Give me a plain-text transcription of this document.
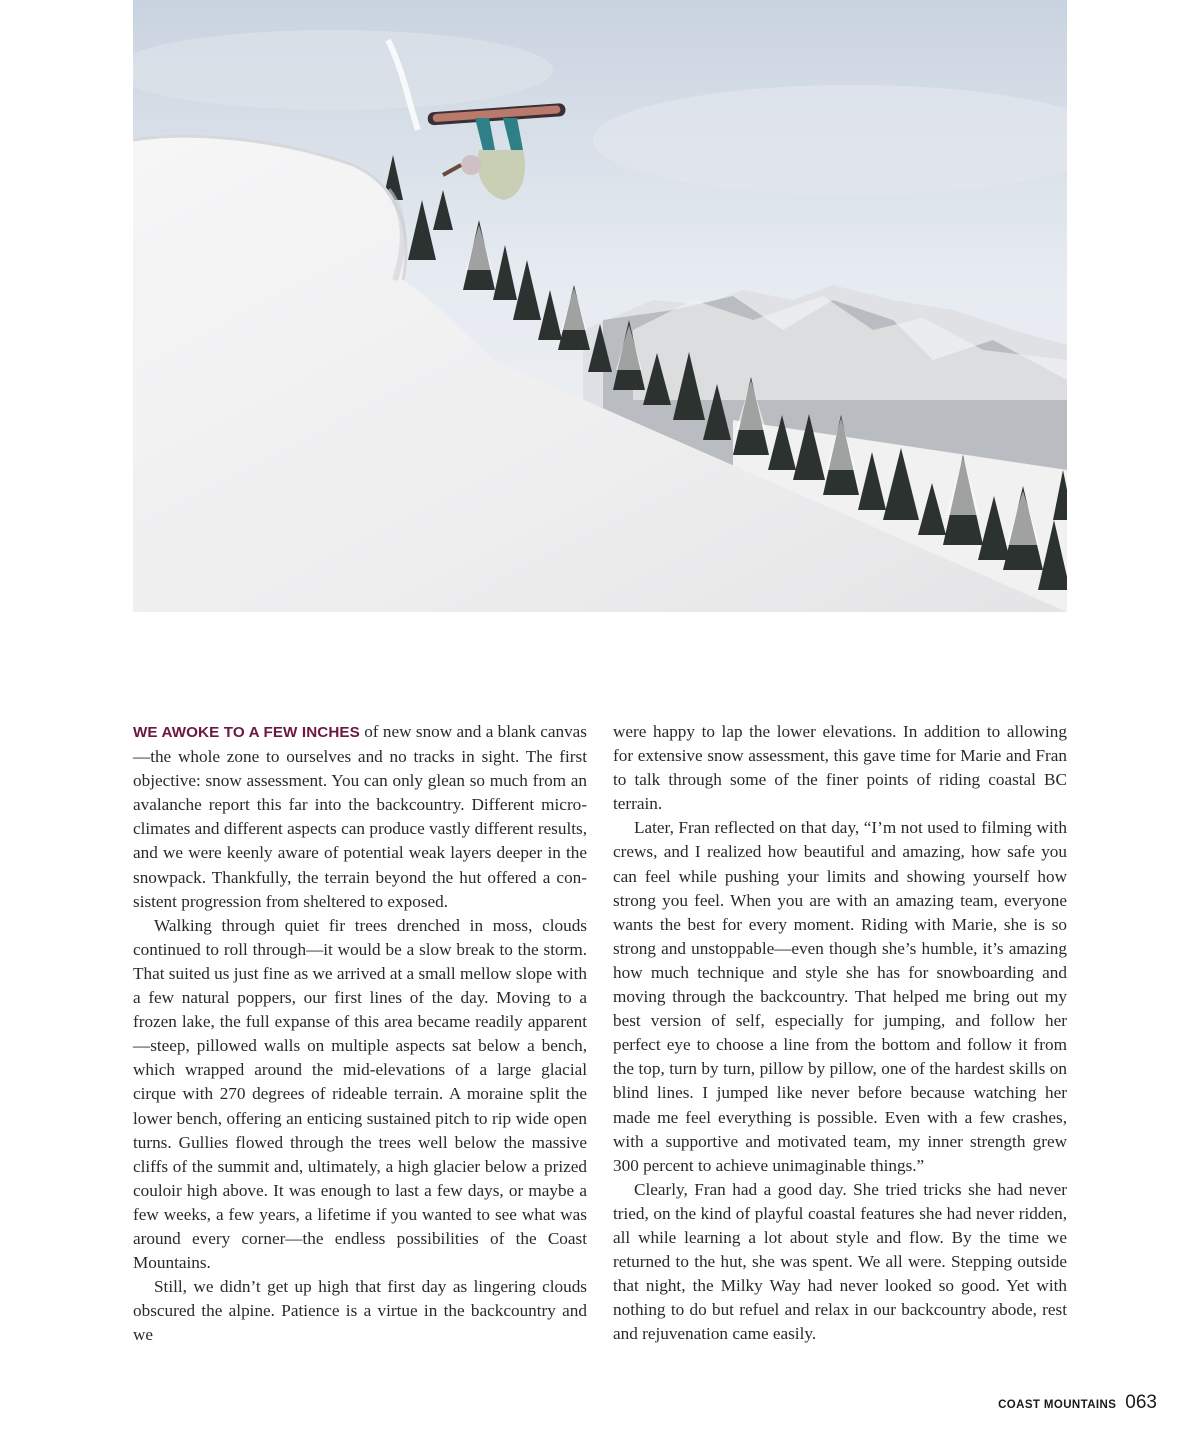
WE AWOKE TO A FEW INCHES of new snow and a blank canvas—the whole zone to ourselves and no tracks in sight. The first objective: snow assessment. You can only glean so much from an avalanche report this far into the backcountry. Different microclimates and different aspects can produce vastly different results, and we were keenly aware of potential weak layers deeper in the snowpack. Thankfully, the terrain beyond the hut offered a consistent progression from sheltered to exposed.

Walking through quiet fir trees drenched in moss, clouds continued to roll through—it would be a slow break to the storm. That suited us just fine as we arrived at a small mellow slope with a few natural poppers, our first lines of the day. Moving to a frozen lake, the full expanse of this area became readily apparent—steep, pillowed walls on multiple aspects sat below a bench, which wrapped around the mid-elevations of a large glacial cirque with 270 degrees of rideable terrain. A moraine split the lower bench, offering an enticing sustained pitch to rip wide open turns. Gullies flowed through the trees well below the massive cliffs of the summit and, ultimately, a high glacier below a prized couloir high above. It was enough to last a few days, or maybe a few weeks, a few years, a lifetime if you wanted to see what was around every corner—the endless possibilities of the Coast Mountains.

Still, we didn’t get up high that first day as lingering clouds obscured the alpine. Patience is a virtue in the backcountry and we

were happy to lap the lower elevations. In addition to allowing for extensive snow assessment, this gave time for Marie and Fran to talk through some of the finer points of riding coastal BC terrain.

Later, Fran reflected on that day, “I’m not used to filming with crews, and I realized how beautiful and amazing, how safe you can feel while pushing your limits and showing yourself how strong you feel. When you are with an amazing team, everyone wants the best for every moment. Riding with Marie, she is so strong and unstoppable—even though she’s humble, it’s amazing how much technique and style she has for snowboarding and moving through the backcountry. That helped me bring out my best version of self, especially for jumping, and follow her perfect eye to choose a line from the bottom and follow it from the top, turn by turn, pillow by pillow, one of the hardest skills on blind lines. I jumped like never before because watching her made me feel everything is possible. Even with a few crashes, with a supportive and motivated team, my inner strength grew 300 percent to achieve unimaginable things.”

Clearly, Fran had a good day. She tried tricks she had never tried, on the kind of playful coastal features she had never ridden, all while learning a lot about style and flow. By the time we returned to the hut, she was spent. We all were. Stepping outside that night, the Milky Way had never looked so good. Yet with nothing to do but refuel and relax in our backcountry abode, rest and rejuvenation came easily.

COAST MOUNTAINS 063
